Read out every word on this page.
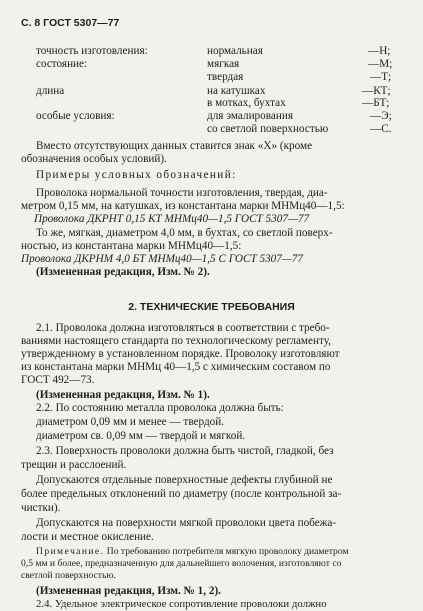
С. 8 ГОСТ 5307—77
точность изготовления:	нормальная	—Н;
состояние:	мягкая	—М;
твердая	—Т;
длина	на катушках	—КТ;
в мотках, бухтах	—БТ;
особые условия:	для эмалирования	—Э;
со светлой поверхностью	—С.
Вместо отсутствующих данных ставится знак «Х» (кроме
обозначения особых условий).
Примеры условных обозначений:
Проволока нормальной точности изготовления, твердая, диа-
метром 0,15 мм, на катушках, из константана марки МНМц40—1,5:
Проволока ДКРНТ 0,15 КТ МНМц40—1,5 ГОСТ 5307—77
То же, мягкая, диаметром 4,0 мм, в бухтах, со светлой поверх-
ностью, из константана марки МНМц40—1,5:
Проволока ДКРНМ 4,0 БТ МНМц40—1,5 С ГОСТ 5307—77
(Измененная редакция, Изм. № 2).
2. ТЕХНИЧЕСКИЕ ТРЕБОВАНИЯ
2.1. Проволока должна изготовляться в соответствии с требо-
ваниями настоящего стандарта по технологическому регламенту,
утвержденному в установленном порядке. Проволоку изготовляют
из константана марки МНМц 40—1,5 с химическим составом по
ГОСТ 492—73.
(Измененная редакция, Изм. № 1).
2.2. По состоянию металла проволока должна быть:
диаметром 0,09 мм и менее — твердой.
диаметром св. 0,09 мм — твердой и мягкой.
2.3. Поверхность проволоки должна быть чистой, гладкой, без
трещин и расслоений.
Допускаются отдельные поверхностные дефекты глубиной не
более предельных отклонений по диаметру (после контрольной за-
чистки).
Допускаются на поверхности мягкой проволоки цвета побежа-
лости и местное окисление.
Примечание. По требованию потребителя мягкую проволоку диаметром
0,5 мм и более, предназначенную для дальнейшего волочения, изготовляют со
светлой поверхностью.
(Измененная редакция, Изм. № 1, 2).
2.4. Удельное электрическое сопротивление проволоки должно
